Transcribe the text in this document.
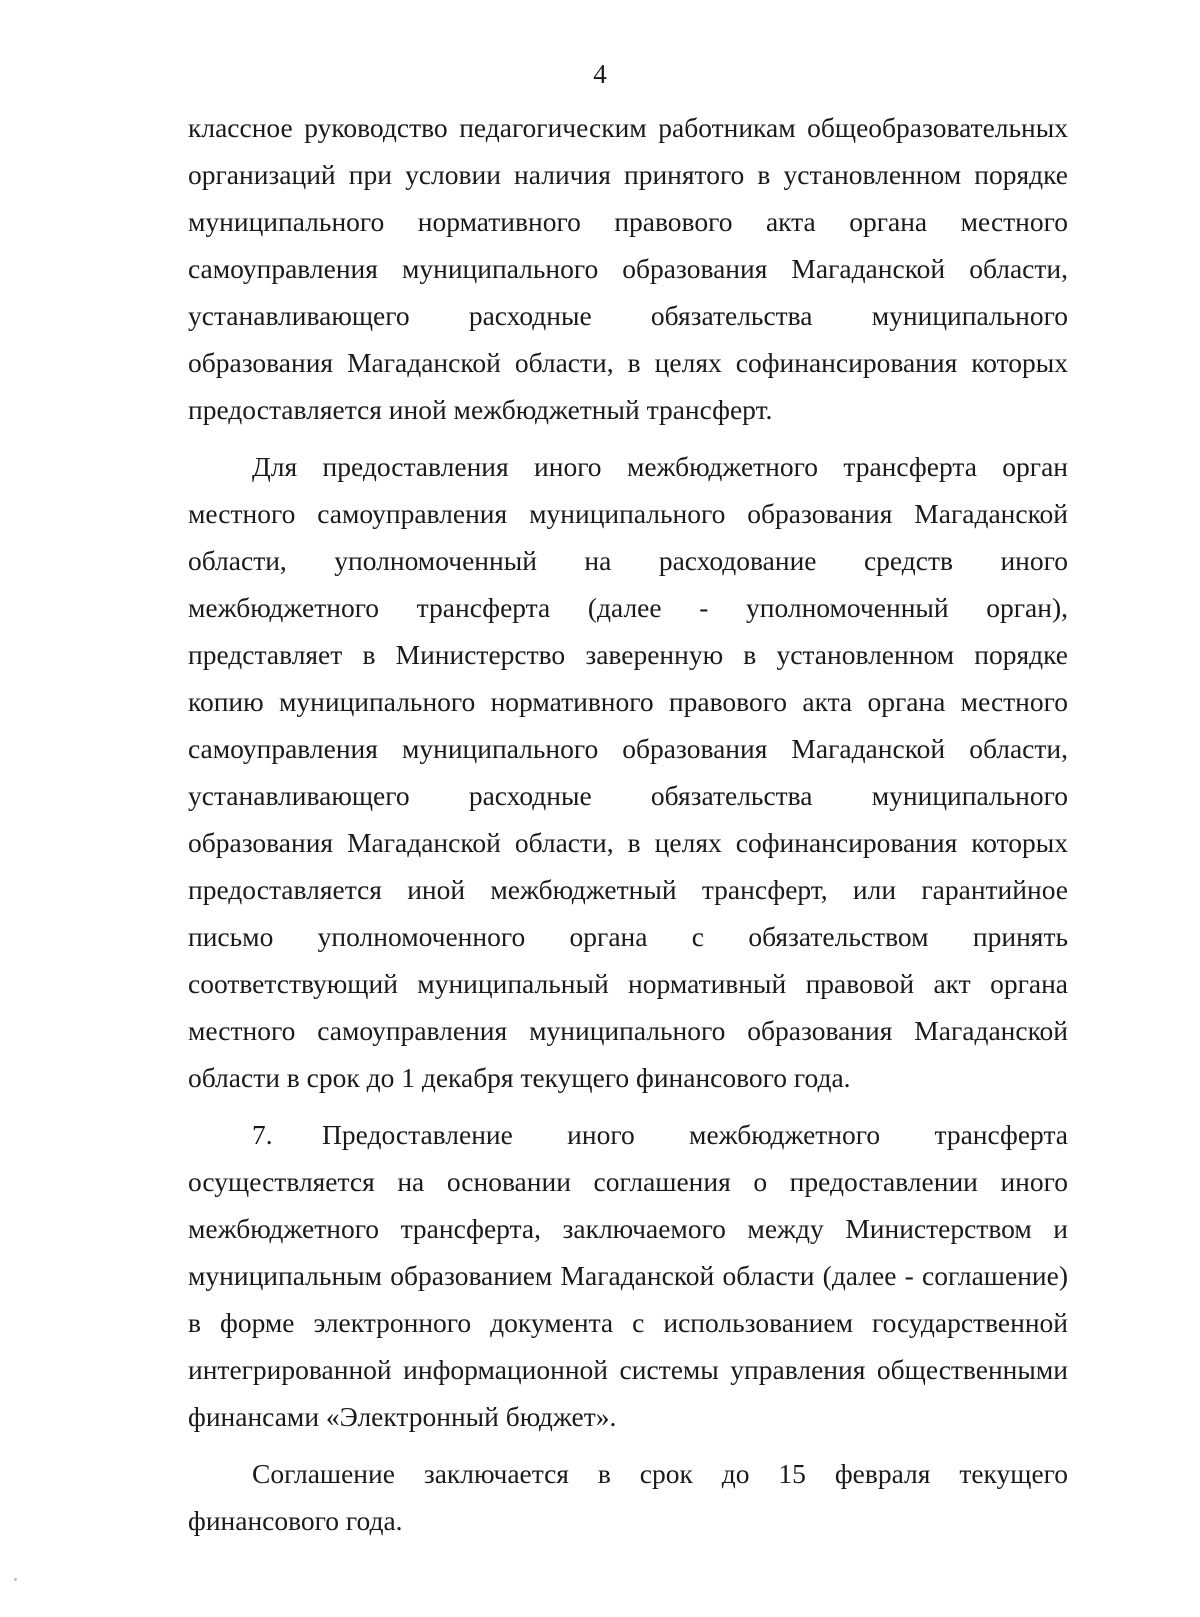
4

классное руководство педагогическим работникам общеобразовательных
организаций при условии наличия принятого в установленном порядке
муниципального нормативного правового акта органа местного
самоуправления муниципального образования Магаданской области,
устанавливающего расходные обязательства муниципального
образования Магаданской области, в целях софинансирования которых
предоставляется иной межбюджетный трансферт.

Для предоставления иного межбюджетного трансферта орган
местного самоуправления муниципального образования Магаданской
области, уполномоченный на расходование средств иного
межбюджетного трансферта (далее - уполномоченный орган),
представляет в Министерство заверенную в установленном порядке
копию муниципального нормативного правового акта органа местного
самоуправления муниципального образования Магаданской области,
устанавливающего расходные обязательства муниципального
образования Магаданской области, в целях софинансирования которых
предоставляется иной межбюджетный трансферт, или гарантийное
письмо уполномоченного органа с обязательством принять
соответствующий муниципальный нормативный правовой акт органа
местного самоуправления муниципального образования Магаданской
области в срок до 1 декабря текущего финансового года.

7. Предоставление иного межбюджетного трансферта
осуществляется на основании соглашения о предоставлении иного
межбюджетного трансферта, заключаемого между Министерством и
муниципальным образованием Магаданской области (далее - соглашение)
в форме электронного документа с использованием государственной
интегрированной информационной системы управления общественными
финансами «Электронный бюджет».

Соглашение заключается в срок до 15 февраля текущего
финансового года.
